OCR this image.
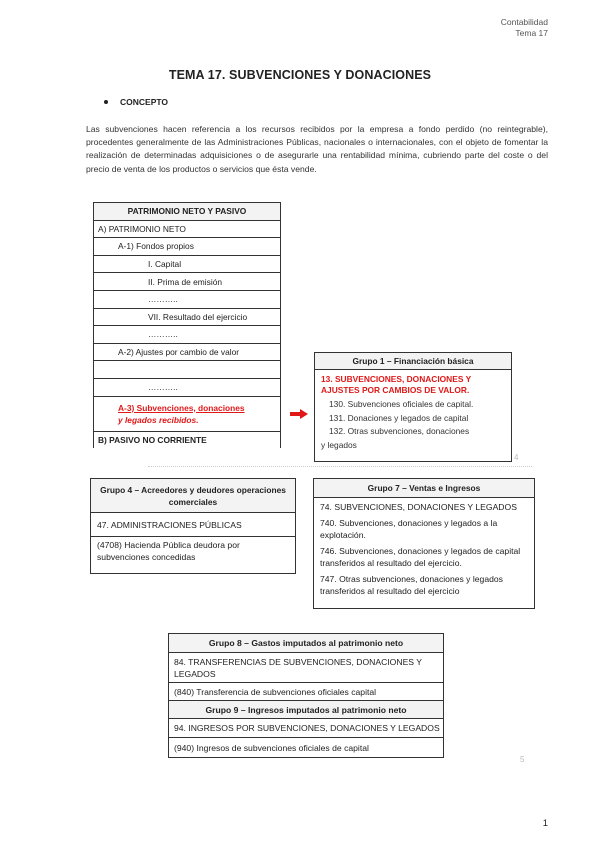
Contabilidad
Tema 17
TEMA 17. SUBVENCIONES Y DONACIONES
CONCEPTO
Las subvenciones hacen referencia a los recursos recibidos por la empresa a fondo perdido (no reintegrable), procedentes generalmente de las Administraciones Públicas, nacionales o internacionales, con el objeto de fomentar la realización de determinadas adquisiciones o de asegurarle una rentabilidad mínima, cubriendo parte del coste o del precio de venta de los productos o servicios que ésta vende.
PATRIMONIO NETO Y PASIVO
A) PATRIMONIO NETO
A-1) Fondos propios
I. Capital
II. Prima de emisión
………..
VII. Resultado del ejercicio
………..
A-2) Ajustes por cambio de valor
………..
A-3) Subvenciones, donaciones
y legados recibidos.
B) PASIVO NO CORRIENTE
Grupo 1 – Financiación básica
13. SUBVENCIONES, DONACIONES Y AJUSTES POR CAMBIOS DE VALOR.
130. Subvenciones oficiales de capital.
131. Donaciones y legados de capital
132. Otras subvenciones, donaciones
y legados
4
Grupo 4 – Acreedores y deudores operaciones comerciales
47. ADMINISTRACIONES PÚBLICAS
(4708) Hacienda Pública deudora por subvenciones concedidas
Grupo 7 – Ventas e Ingresos
74. SUBVENCIONES, DONACIONES Y LEGADOS
740. Subvenciones, donaciones y legados a la explotación.
746. Subvenciones, donaciones y legados de capital transferidos al resultado del ejercicio.
747. Otras subvenciones, donaciones y legados transferidos al resultado del ejercicio
Grupo 8 – Gastos imputados al patrimonio neto
84. TRANSFERENCIAS DE SUBVENCIONES, DONACIONES Y LEGADOS
(840) Transferencia de subvenciones oficiales capital
Grupo 9 – Ingresos imputados al patrimonio neto
94. INGRESOS POR SUBVENCIONES, DONACIONES Y LEGADOS
(940) Ingresos de subvenciones oficiales de capital
5
1
